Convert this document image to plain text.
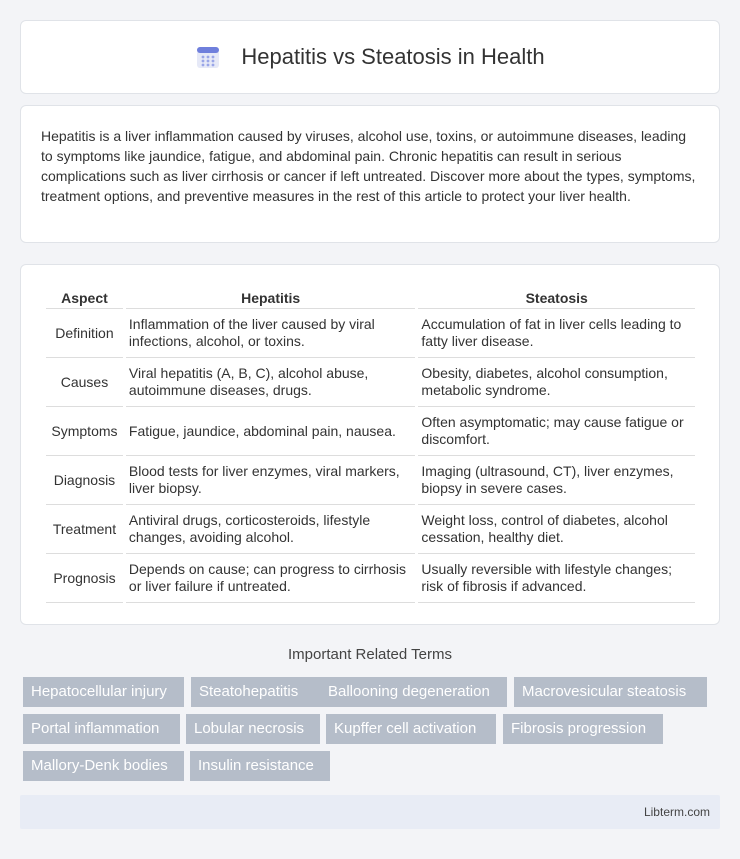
Hepatitis vs Steatosis in Health

Hepatitis is a liver inflammation caused by viruses, alcohol use, toxins, or autoimmune diseases, leading to symptoms like jaundice, fatigue, and abdominal pain. Chronic hepatitis can result in serious complications such as liver cirrhosis or cancer if left untreated. Discover more about the types, symptoms, treatment options, and preventive measures in the rest of this article to protect your liver health.

Aspect	Hepatitis	Steatosis
Definition	Inflammation of the liver caused by viral infections, alcohol, or toxins.	Accumulation of fat in liver cells leading to fatty liver disease.
Causes	Viral hepatitis (A, B, C), alcohol abuse, autoimmune diseases, drugs.	Obesity, diabetes, alcohol consumption, metabolic syndrome.
Symptoms	Fatigue, jaundice, abdominal pain, nausea.	Often asymptomatic; may cause fatigue or discomfort.
Diagnosis	Blood tests for liver enzymes, viral markers, liver biopsy.	Imaging (ultrasound, CT), liver enzymes, biopsy in severe cases.
Treatment	Antiviral drugs, corticosteroids, lifestyle changes, avoiding alcohol.	Weight loss, control of diabetes, alcohol cessation, healthy diet.
Prognosis	Depends on cause; can progress to cirrhosis or liver failure if untreated.	Usually reversible with lifestyle changes; risk of fibrosis if advanced.
Important Related Terms
Hepatocellular injury	Steatohepatitis	Ballooning degeneration	Macrovesicular steatosis
Portal inflammation	Lobular necrosis	Kupffer cell activation	Fibrosis progression
Mallory-Denk bodies	Insulin resistance
Libterm.com
